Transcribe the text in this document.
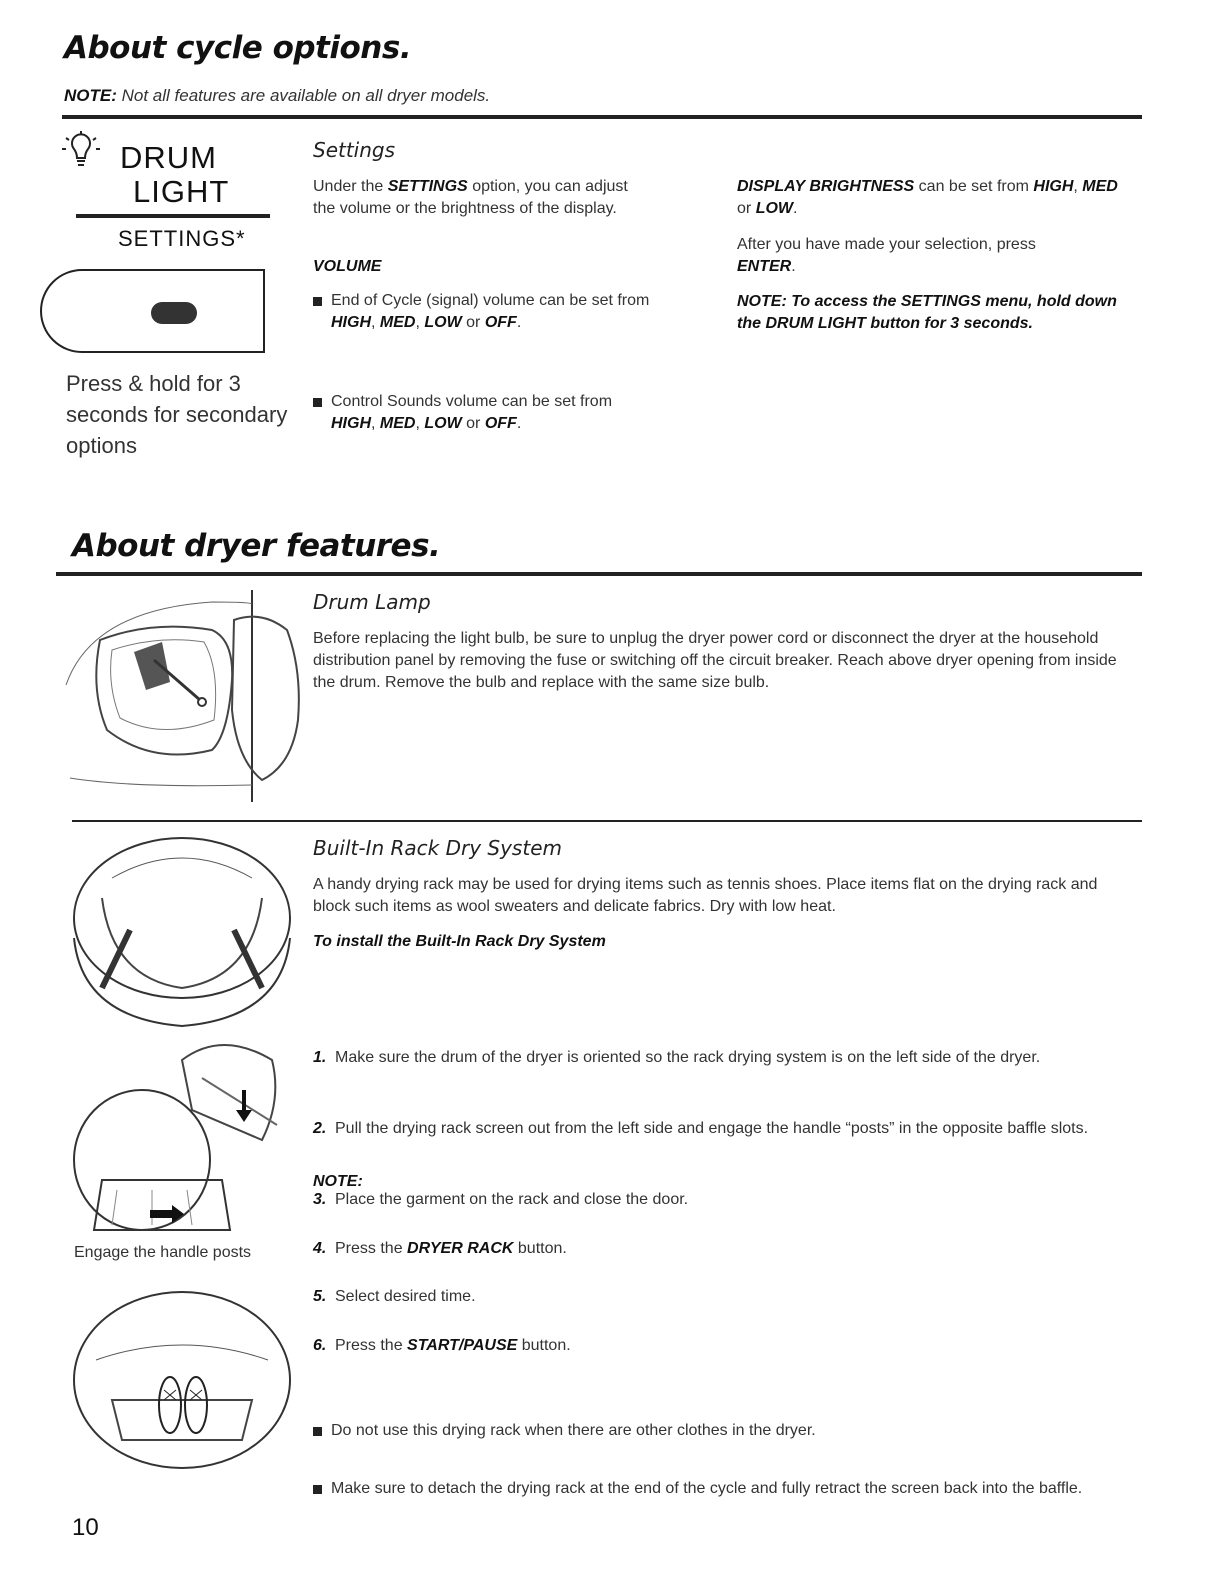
About cycle options.
NOTE: Not all features are available on all dryer models.
DRUM
LIGHT
SETTINGS*
Press & hold for 3 seconds for secondary options
Settings
Under the SETTINGS option, you can adjust the volume or the brightness of the display.
VOLUME
End of Cycle (signal) volume can be set from
HIGH, MED, LOW or OFF.
Control Sounds volume can be set from
HIGH, MED, LOW or OFF.
DISPLAY BRIGHTNESS can be set from HIGH, MED or LOW.
After you have made your selection, press ENTER.
NOTE: To access the SETTINGS menu, hold down the DRUM LIGHT button for 3 seconds.
About dryer features.
Drum Lamp
Before replacing the light bulb, be sure to unplug the dryer power cord or disconnect the dryer at the household distribution panel by removing the fuse or switching off the circuit breaker. Reach above dryer opening from inside the drum. Remove the bulb and replace with the same size bulb.
Engage the handle posts
Built-In Rack Dry System
A handy drying rack may be used for drying items such as tennis shoes. Place items flat on the drying rack and block such items as wool sweaters and delicate fabrics. Dry with low heat.
To install the Built-In Rack Dry System
1. Make sure the drum of the dryer is oriented so the rack drying system is on the left side of the dryer.
2. Pull the drying rack screen out from the left side and engage the handle “posts” in the opposite baffle slots.
3. Place the garment on the rack and close the door.
4. Press the DRYER RACK button.
5. Select desired time.
6. Press the START/PAUSE button.
NOTE:
Do not use this drying rack when there are other clothes in the dryer.
Make sure to detach the drying rack at the end of the cycle and fully retract the screen back into the baffle.
10
